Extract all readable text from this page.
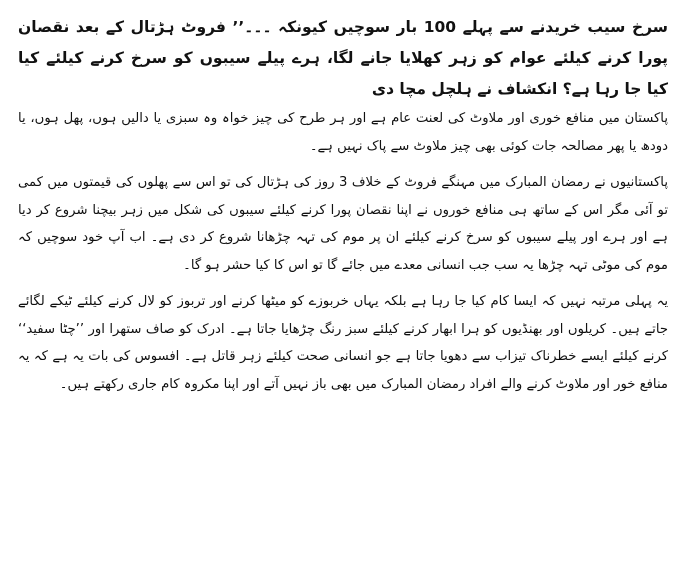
سرخ سیب خریدنے سے پہلے 100 بار سوچیں کیونکہ ۔۔۔’’ فروٹ ہڑتال کے بعد نقصان پورا کرنے کیلئے عوام کو زہر کھلایا جانے لگا، ہرے پیلے سیبوں کو سرخ کرنے کیلئے کیا کیا جا رہا ہے؟ انکشاف نے ہلچل مچا دی

پاکستان میں منافع خوری اور ملاوٹ کی لعنت عام ہے اور ہر طرح کی چیز خواہ وہ سبزی یا دالیں ہوں، پھل ہوں، یا دودھ یا پھر مصالحہ جات کوئی بھی چیز ملاوٹ سے پاک نہیں ہے۔

پاکستانیوں نے رمضان المبارک میں مہنگے فروٹ کے خلاف 3 روز کی ہڑتال کی تو اس سے پھلوں کی قیمتوں میں کمی تو آئی مگر اس کے ساتھ ہی منافع خوروں نے اپنا نقصان پورا کرنے کیلئے سیبوں کی شکل میں زہر بیچنا شروع کر دیا ہے اور ہرے اور پیلے سیبوں کو سرخ کرنے کیلئے ان پر موم کی تہہ چڑھانا شروع کر دی ہے۔ اب آپ خود سوچیں کہ موم کی موٹی تہہ چڑھا یہ سب جب انسانی معدے میں جائے گا تو اس کا کیا حشر ہو گا۔

یہ پہلی مرتبہ نہیں کہ ایسا کام کیا جا رہا ہے بلکہ یہاں خربوزے کو میٹھا کرنے اور تربوز کو لال کرنے کیلئے ٹیکے لگائے جاتے ہیں۔ کریلوں اور بھنڈیوں کو ہرا ابھار کرنے کیلئے سبز رنگ چڑھایا جاتا ہے۔ ادرک کو صاف ستھرا اور ’’چٹا سفید‘‘ کرنے کیلئے ایسے خطرناک تیزاب سے دھویا جاتا ہے جو انسانی صحت کیلئے زہر قاتل ہے۔ افسوس کی بات یہ ہے کہ یہ منافع خور اور ملاوٹ کرنے والے افراد رمضان المبارک میں بھی باز نہیں آتے اور اپنا مکروہ کام جاری رکھتے ہیں۔
